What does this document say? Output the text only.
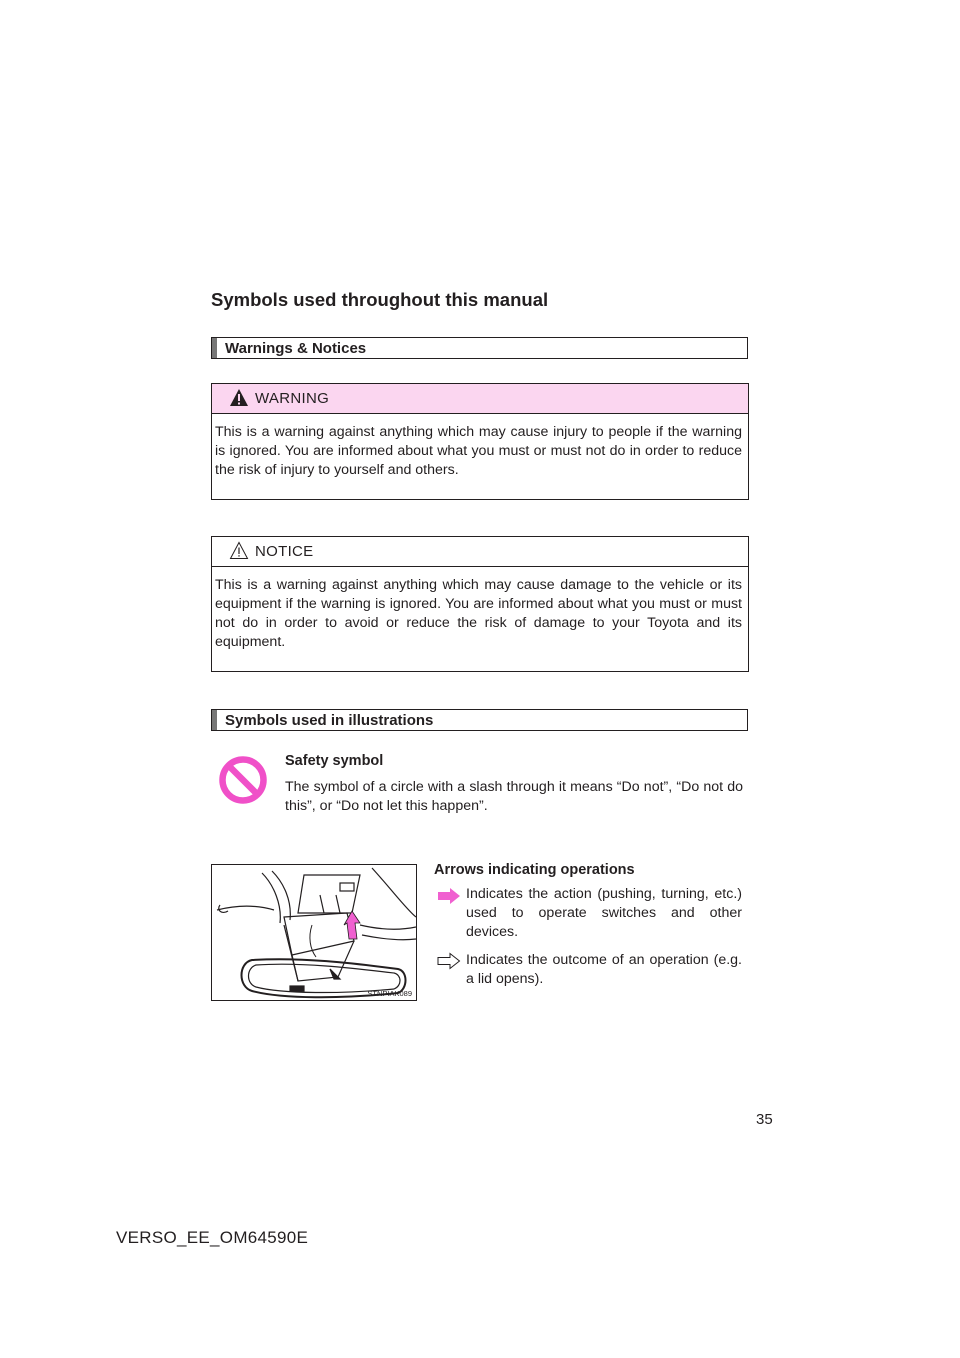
Symbols used throughout this manual
Warnings & Notices
WARNING
This is a warning against anything which may cause injury to people if the warning is ignored. You are informed about what you must or must not do in order to reduce the risk of injury to yourself and others.
NOTICE
This is a warning against anything which may cause damage to the vehicle or its equipment if the warning is ignored. You are informed about what you must or must not do in order to avoid or reduce the risk of damage to your Toyota and its equipment.
Symbols used in illustrations
Safety symbol
The symbol of a circle with a slash through it means “Do not”, “Do not do this”, or “Do not let this happen”.
STNPIAK089
Arrows indicating operations
Indicates the action (pushing, turning, etc.) used to operate switches and other devices.
Indicates the outcome of an operation (e.g. a lid opens).
35
VERSO_EE_OM64590E
